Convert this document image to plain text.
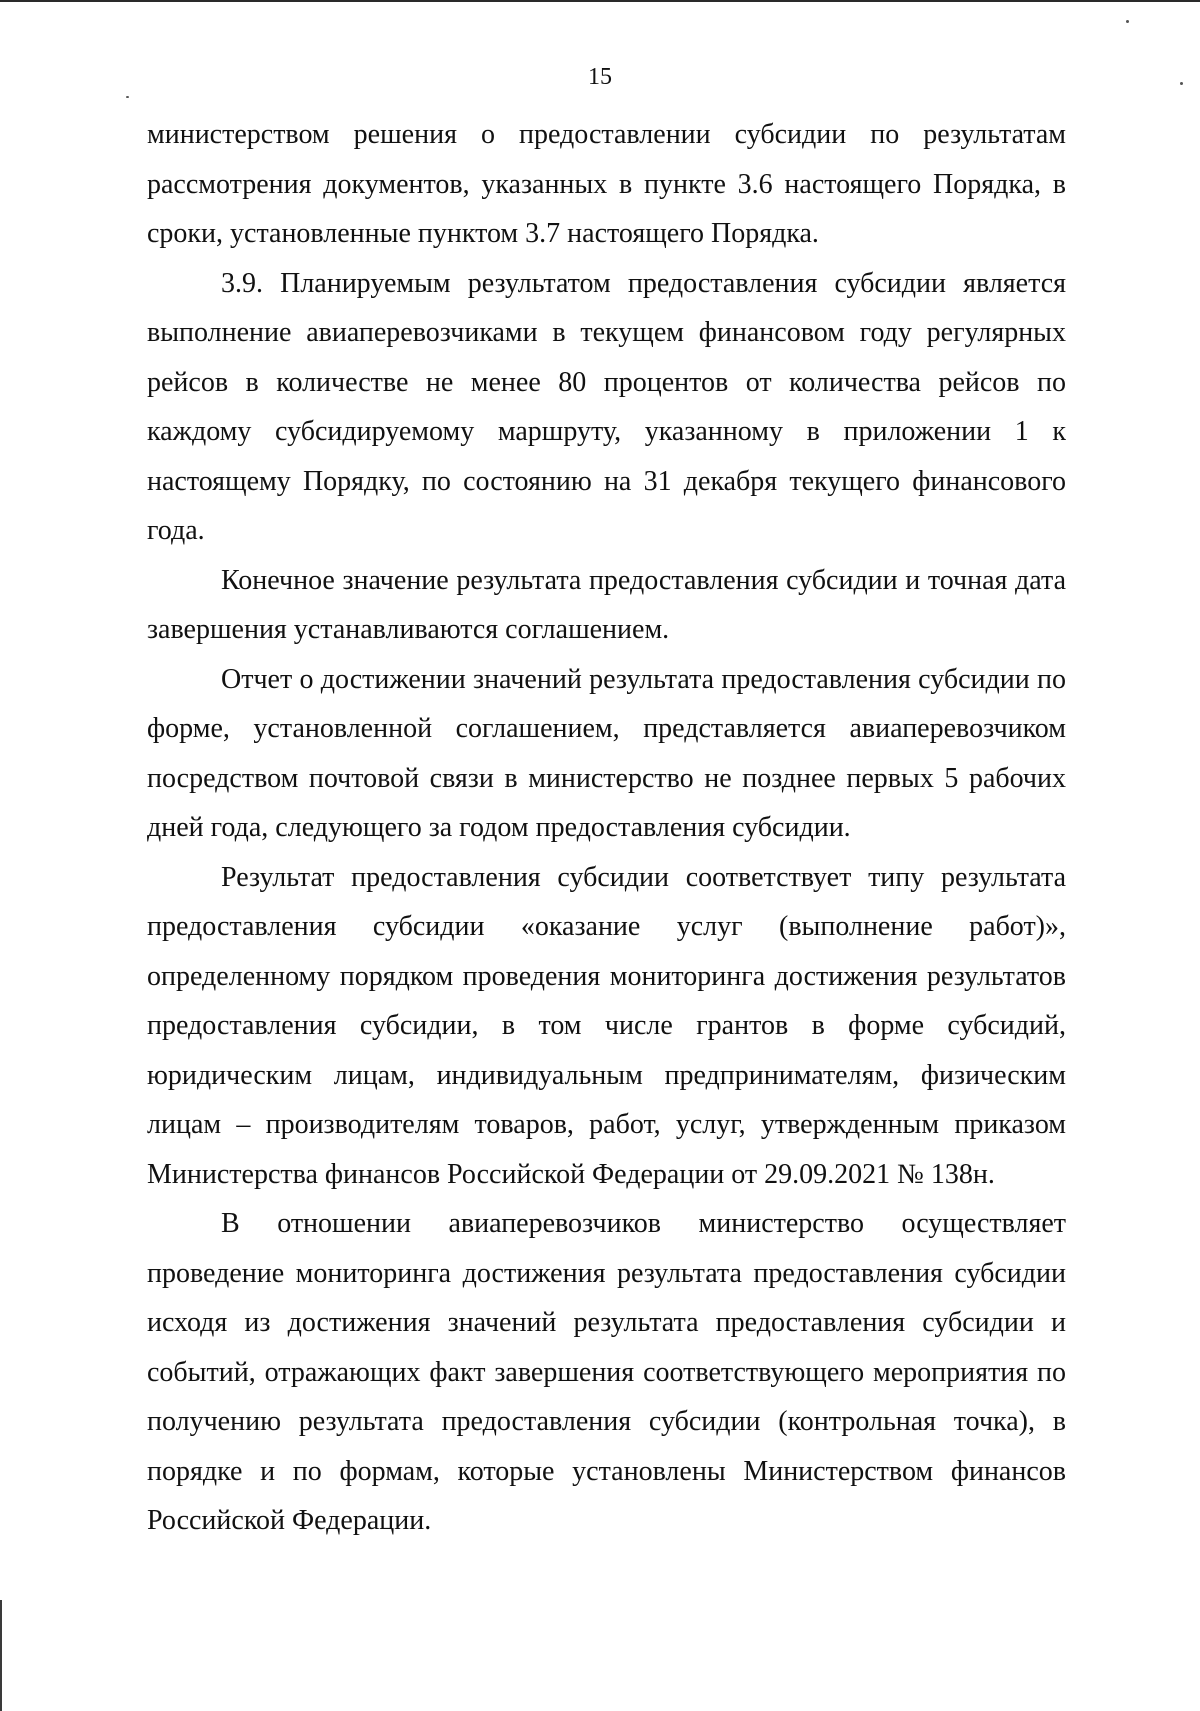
15

министерством решения о предоставлении субсидии по результатам рассмотрения документов, указанных в пункте 3.6 настоящего Порядка, в сроки, установленные пунктом 3.7 настоящего Порядка.

3.9. Планируемым результатом предоставления субсидии является выполнение авиаперевозчиками в текущем финансовом году регулярных рейсов в количестве не менее 80 процентов от количества рейсов по каждому субсидируемому маршруту, указанному в приложении 1 к настоящему Порядку, по состоянию на 31 декабря текущего финансового года.

Конечное значение результата предоставления субсидии и точная дата завершения устанавливаются соглашением.

Отчет о достижении значений результата предоставления субсидии по форме, установленной соглашением, представляется авиаперевозчиком посредством почтовой связи в министерство не позднее первых 5 рабочих дней года, следующего за годом предоставления субсидии.

Результат предоставления субсидии соответствует типу результата предоставления субсидии «оказание услуг (выполнение работ)», определенному порядком проведения мониторинга достижения результатов предоставления субсидии, в том числе грантов в форме субсидий, юридическим лицам, индивидуальным предпринимателям, физическим лицам – производителям товаров, работ, услуг, утвержденным приказом Министерства финансов Российской Федерации от 29.09.2021 № 138н.

В отношении авиаперевозчиков министерство осуществляет проведение мониторинга достижения результата предоставления субсидии исходя из достижения значений результата предоставления субсидии и событий, отражающих факт завершения соответствующего мероприятия по получению результата предоставления субсидии (контрольная точка), в порядке и по формам, которые установлены Министерством финансов Российской Федерации.
